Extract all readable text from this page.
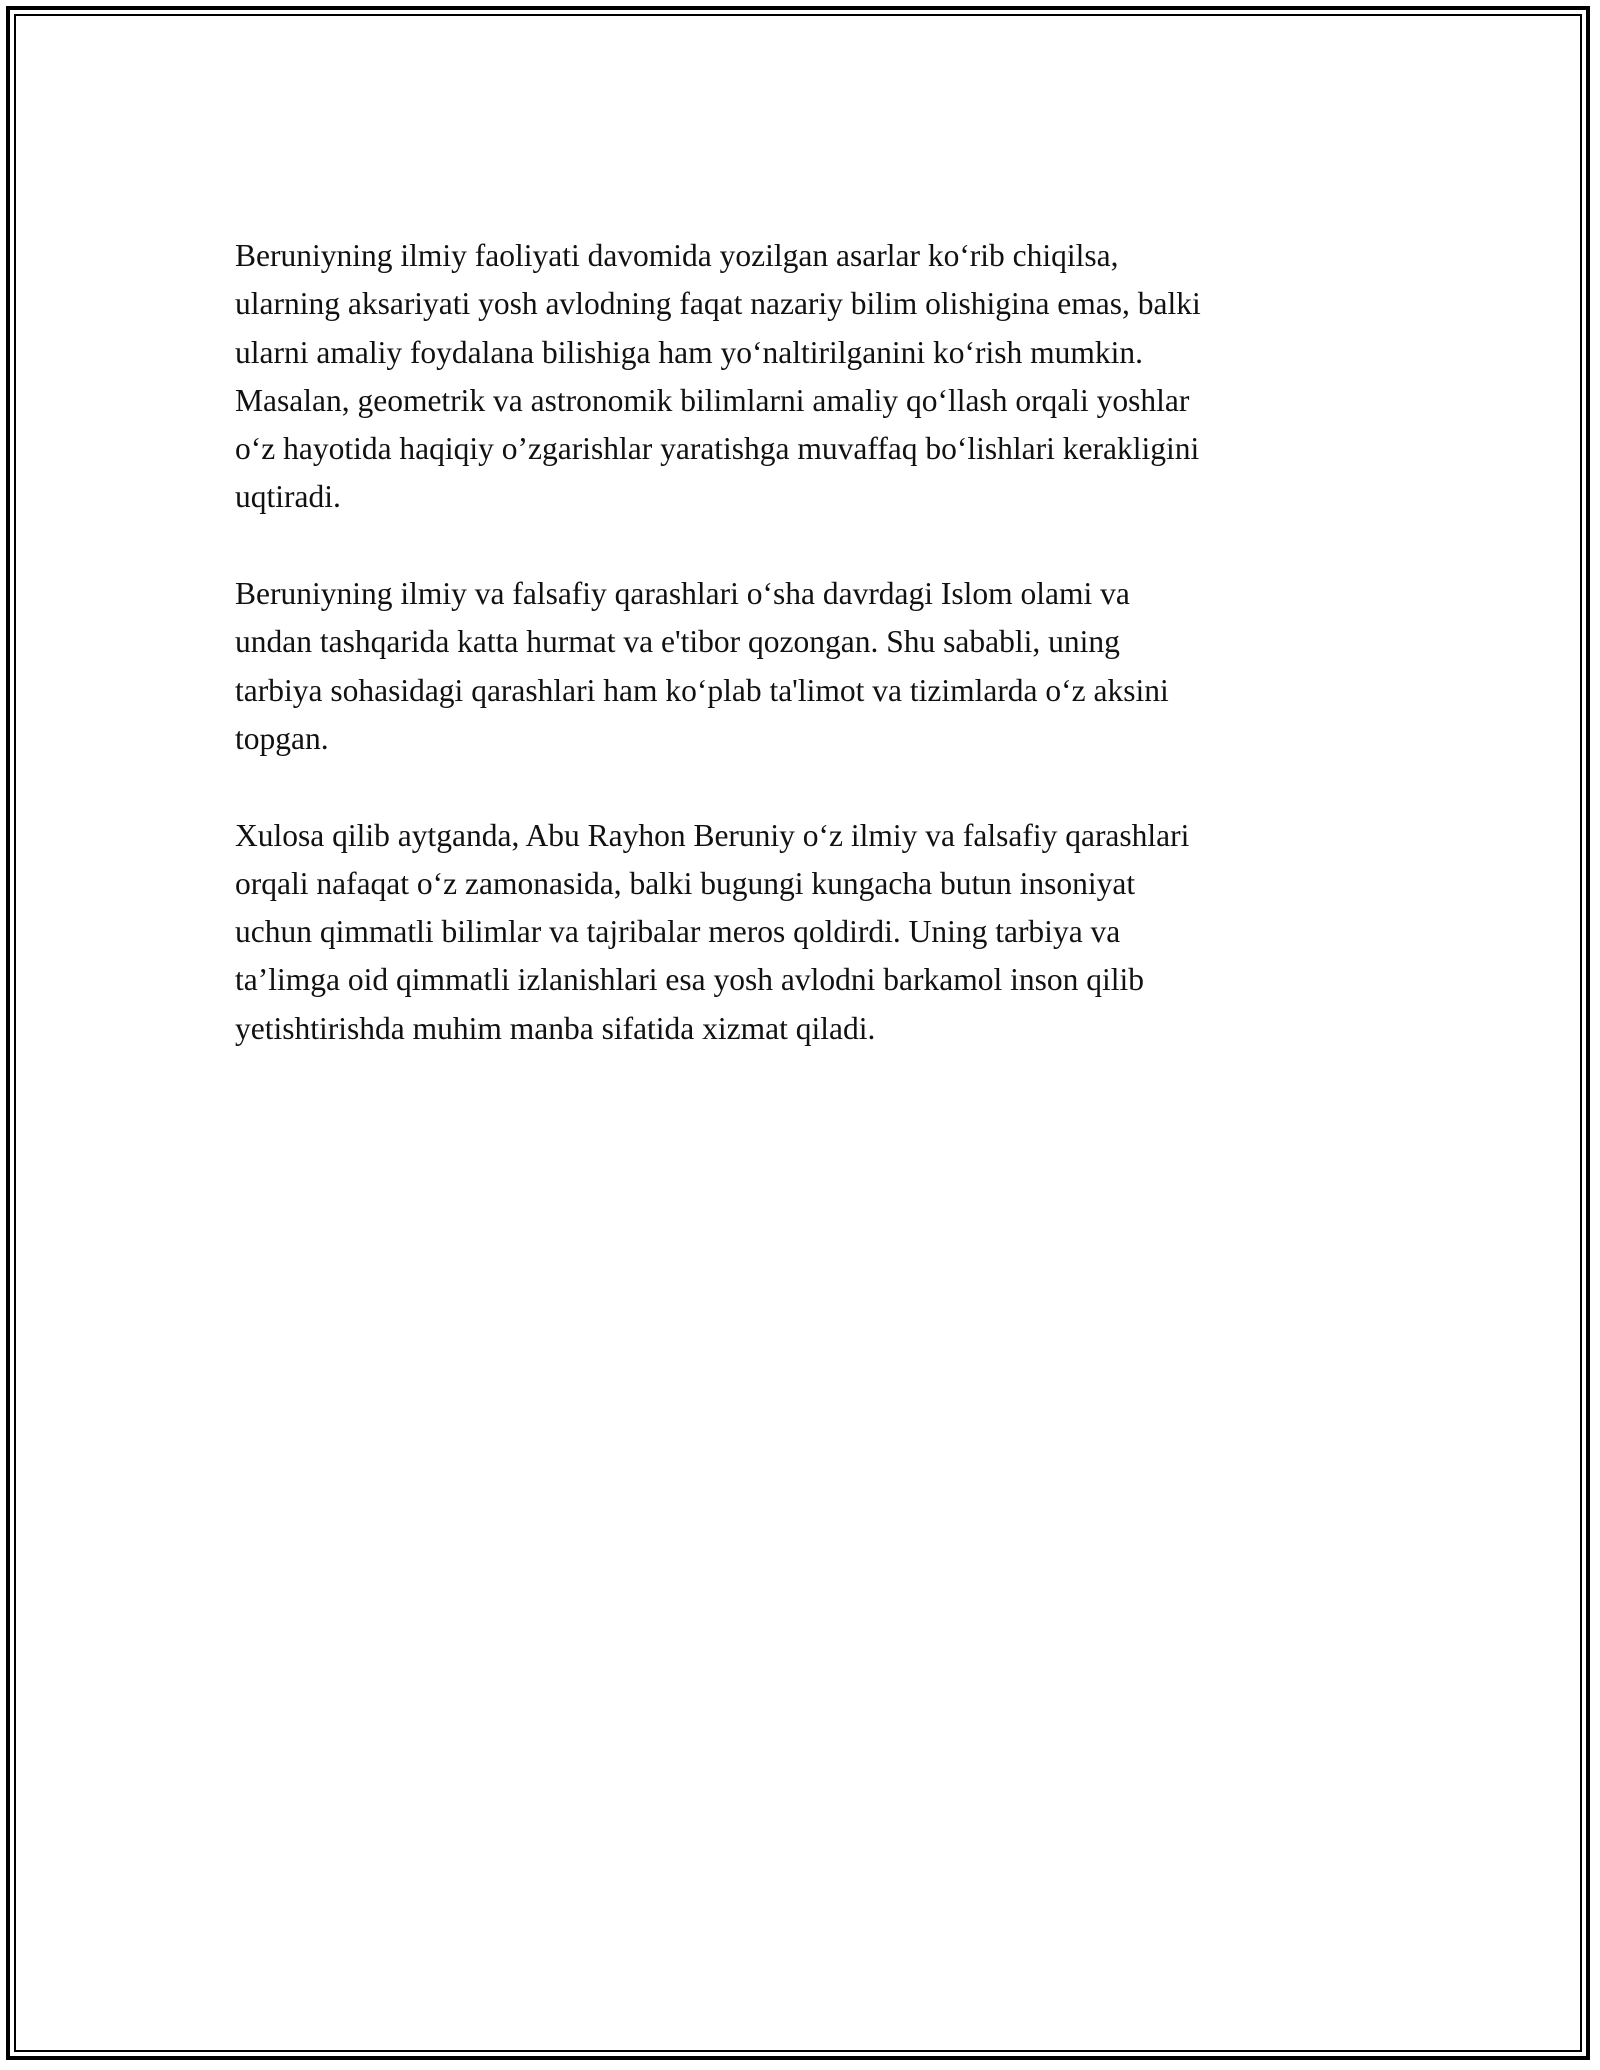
Beruniyning ilmiy faoliyati davomida yozilgan asarlar ko‘rib chiqilsa,
ularning aksariyati yosh avlodning faqat nazariy bilim olishigina emas, balki
ularni amaliy foydalana bilishiga ham yo‘naltirilganini ko‘rish mumkin.
Masalan, geometrik va astronomik bilimlarni amaliy qo‘llash orqali yoshlar
o‘z hayotida haqiqiy o’zgarishlar yaratishga muvaffaq bo‘lishlari kerakligini
uqtiradi.

Beruniyning ilmiy va falsafiy qarashlari o‘sha davrdagi Islom olami va
undan tashqarida katta hurmat va e'tibor qozongan. Shu sababli, uning
tarbiya sohasidagi qarashlari ham ko‘plab ta'limot va tizimlarda o‘z aksini
topgan.

Xulosa qilib aytganda, Abu Rayhon Beruniy o‘z ilmiy va falsafiy qarashlari
orqali nafaqat o‘z zamonasida, balki bugungi kungacha butun insoniyat
uchun qimmatli bilimlar va tajribalar meros qoldirdi. Uning tarbiya va
ta’limga oid qimmatli izlanishlari esa yosh avlodni barkamol inson qilib
yetishtirishda muhim manba sifatida xizmat qiladi.
